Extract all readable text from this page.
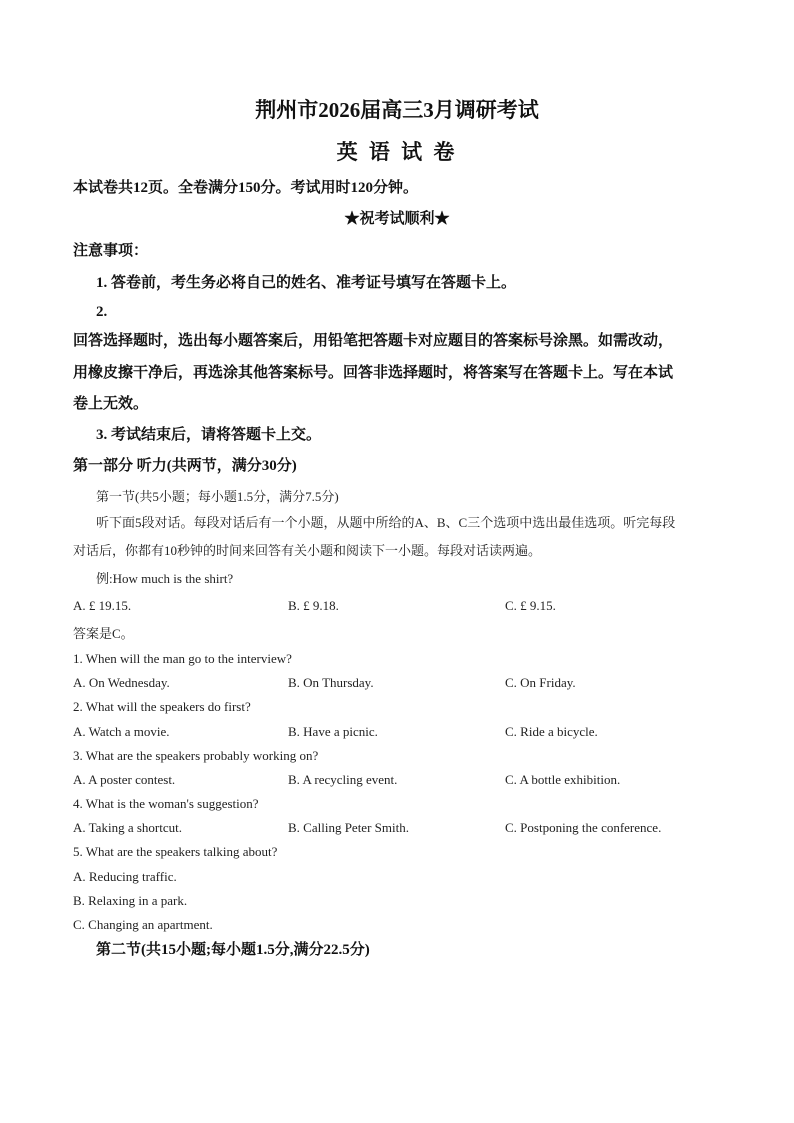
荆州市2026届高三3月调研考试
英 语 试 卷
本试卷共12页。全卷满分150分。考试用时120分钟。
★祝考试顺利★
注意事项：
1. 答卷前，考生务必将自己的姓名、准考证号填写在答题卡上。
2.
回答选择题时，选出每小题答案后，用铅笔把答题卡对应题目的答案标号涂黑。如需改动，
用橡皮擦干净后，再选涂其他答案标号。回答非选择题时，将答案写在答题卡上。写在本试
卷上无效。
3. 考试结束后，请将答题卡上交。
第一部分 听力(共两节，满分30分)
第一节(共5小题；每小题1.5分，满分7.5分)
听下面5段对话。每段对话后有一个小题，从题中所给的A、B、C三个选项中选出最佳选项。听完每段
对话后，你都有10秒钟的时间来回答有关小题和阅读下一小题。每段对话读两遍。
例:How much is the shirt?
A. £ 19.15.	B. £ 9.18.	C. £ 9.15.
答案是C。
1. When will the man go to the interview?
A. On Wednesday.	B. On Thursday.	C. On Friday.
2. What will the speakers do first?
A. Watch a movie.	B. Have a picnic.	C. Ride a bicycle.
3. What are the speakers probably working on?
A. A poster contest.	B. A recycling event.	C. A bottle exhibition.
4. What is the woman's suggestion?
A. Taking a shortcut.	B. Calling Peter Smith.	C. Postponing the conference.
5. What are the speakers talking about?
A. Reducing traffic.
B. Relaxing in a park.
C. Changing an apartment.
第二节(共15小题;每小题1.5分,满分22.5分)
